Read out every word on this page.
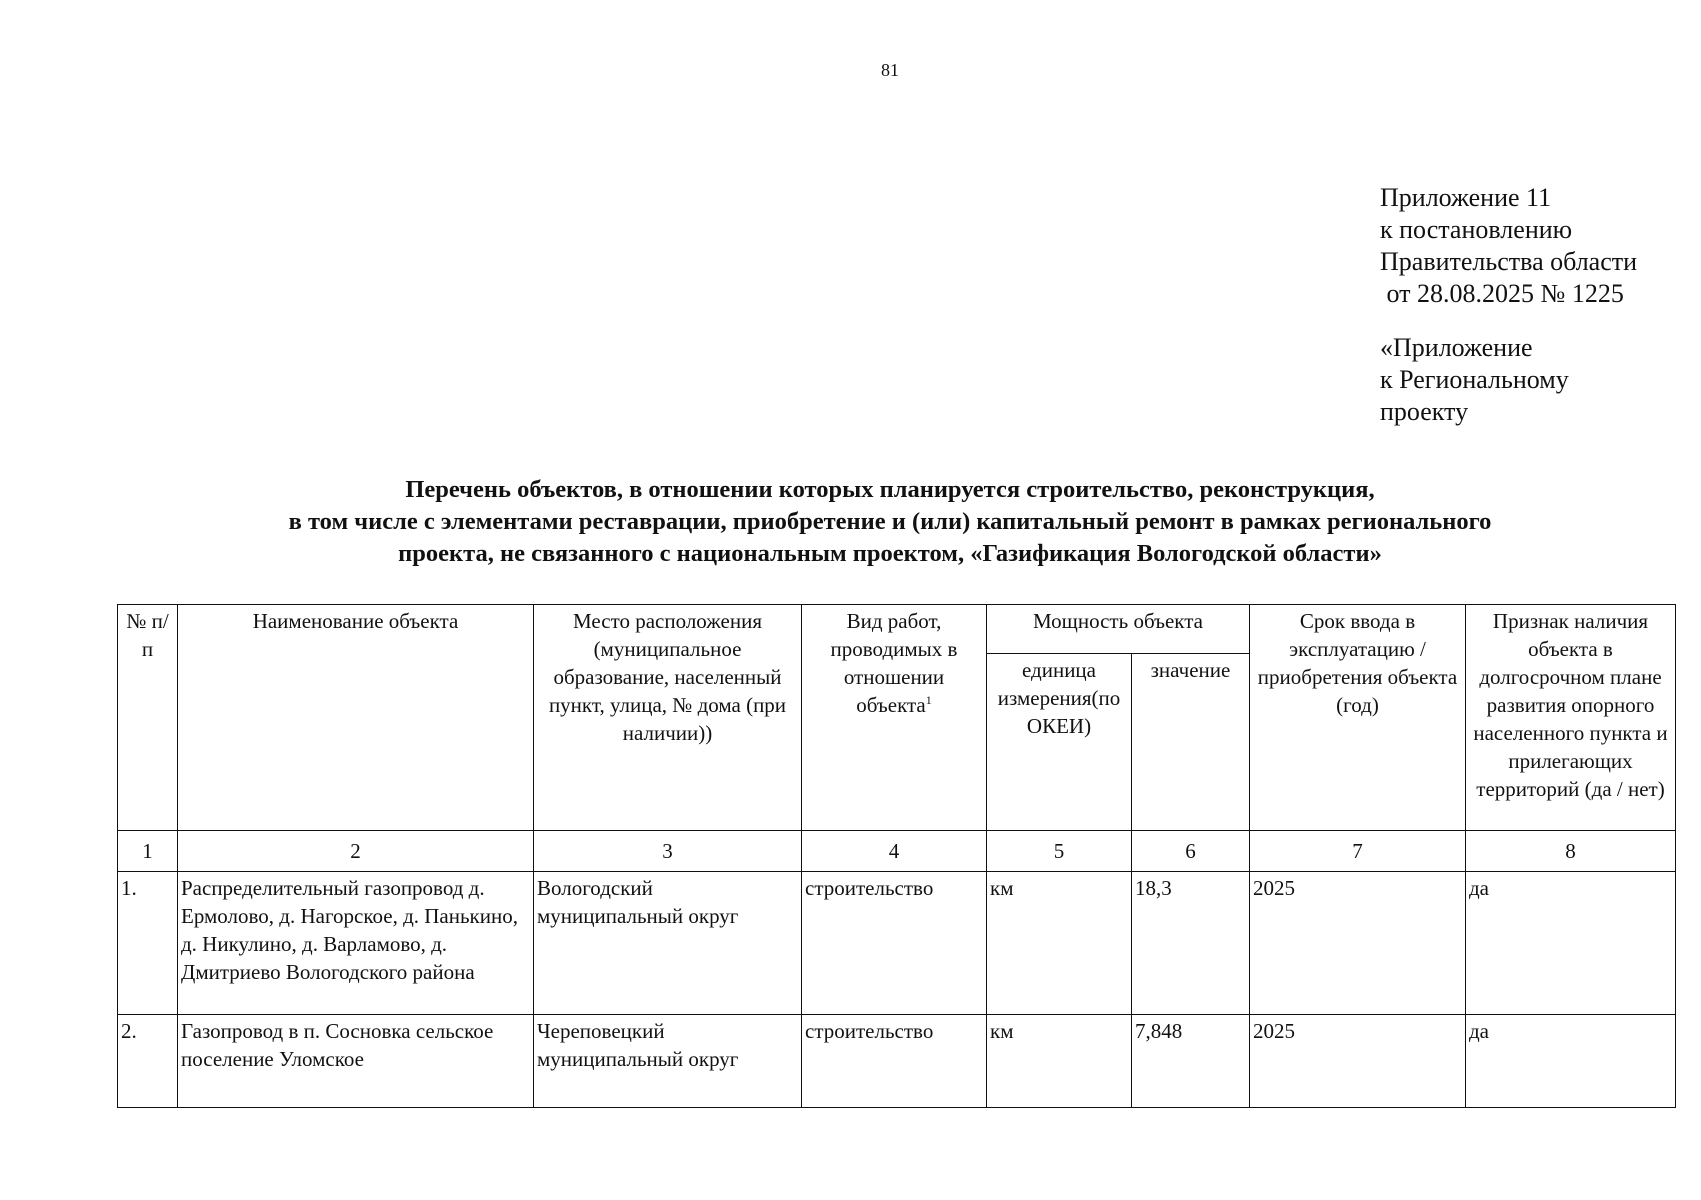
81
Приложение 11
к постановлению
Правительства области
от 28.08.2025 № 1225
«Приложение
к Региональному
проекту
Перечень объектов, в отношении которых планируется строительство, реконструкция,
в том числе с элементами реставрации, приобретение и (или) капитальный ремонт в рамках регионального
проекта, не связанного с национальным проектом, «Газификация Вологодской области»
№ п/п	Наименование объекта	Место расположения (муниципальное образование, населенный пункт, улица, № дома (при наличии))	Вид работ, проводимых в отношении объекта$^1$	Мощность объекта		Срок ввода в эксплуатацию /приобретения объекта (год)	Признак наличия объекта в долгосрочном плане развития опорного населенного пункта и прилегающих территорий (да / нет)
				единица измерения(по ОКЕИ)	значение		
1	2	3	4	5	6	7	8
1.	Распределительный газопровод д. Ермолово, д. Нагорское, д. Панькино, д. Никулино, д. Варламово, д. Дмитриево Вологодского района	Вологодский муниципальный округ	строительство	км	18,3	2025	да
2.	Газопровод в п. Сосновка сельское поселение Уломское	Череповецкий муниципальный округ	строительство	км	7,848	2025	да
